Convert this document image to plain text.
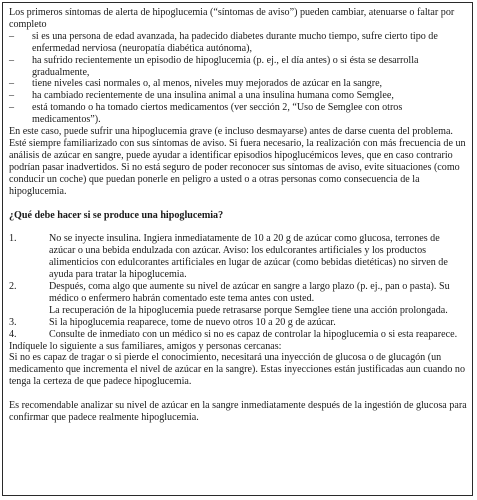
Los primeros síntomas de alerta de hipoglucemia (“síntomas de aviso”) pueden cambiar, atenuarse o faltar por completo

– si es una persona de edad avanzada, ha padecido diabetes durante mucho tiempo, sufre cierto tipo de enfermedad nerviosa (neuropatía diabética autónoma),
– ha sufrido recientemente un episodio de hipoglucemia (p. ej., el día antes) o si ésta se desarrolla gradualmente,
– tiene niveles casi normales o, al menos, niveles muy mejorados de azúcar en la sangre,
– ha cambiado recientemente de una insulina animal a una insulina humana como Semglee,
– está tomando o ha tomado ciertos medicamentos (ver sección 2, “Uso de Semglee con otros medicamentos”).

En este caso, puede sufrir una hipoglucemia grave (e incluso desmayarse) antes de darse cuenta del problema. Esté siempre familiarizado con sus síntomas de aviso. Si fuera necesario, la realización con más frecuencia de un análisis de azúcar en sangre, puede ayudar a identificar episodios hipoglucémicos leves, que en caso contrario podrían pasar inadvertidos. Si no está seguro de poder reconocer sus síntomas de aviso, evite situaciones (como conducir un coche) que puedan ponerle en peligro a usted o a otras personas como consecuencia de la hipoglucemia.

¿Qué debe hacer si se produce una hipoglucemia?

1.	No se inyecte insulina. Ingiera inmediatamente de 10 a 20 g de azúcar como glucosa, terrones de azúcar o una bebida endulzada con azúcar. Aviso: los edulcorantes artificiales y los productos alimenticios con edulcorantes artificiales en lugar de azúcar (como bebidas dietéticas) no sirven de ayuda para tratar la hipoglucemia.
2.	Después, coma algo que aumente su nivel de azúcar en sangre a largo plazo (p. ej., pan o pasta). Su médico o enfermero habrán comentado este tema antes con usted.
La recuperación de la hipoglucemia puede retrasarse porque Semglee tiene una acción prolongada.
3.	Si la hipoglucemia reaparece, tome de nuevo otros 10 a 20 g de azúcar.
4.	Consulte de inmediato con un médico si no es capaz de controlar la hipoglucemia o si esta reaparece.

Indíquele lo siguiente a sus familiares, amigos y personas cercanas:

Si no es capaz de tragar o si pierde el conocimiento, necesitará una inyección de glucosa o de glucagón (un medicamento que incrementa el nivel de azúcar en la sangre). Estas inyecciones están justificadas aun cuando no tenga la certeza de que padece hipoglucemia.

Es recomendable analizar su nivel de azúcar en la sangre inmediatamente después de la ingestión de glucosa para confirmar que padece realmente hipoglucemia.
